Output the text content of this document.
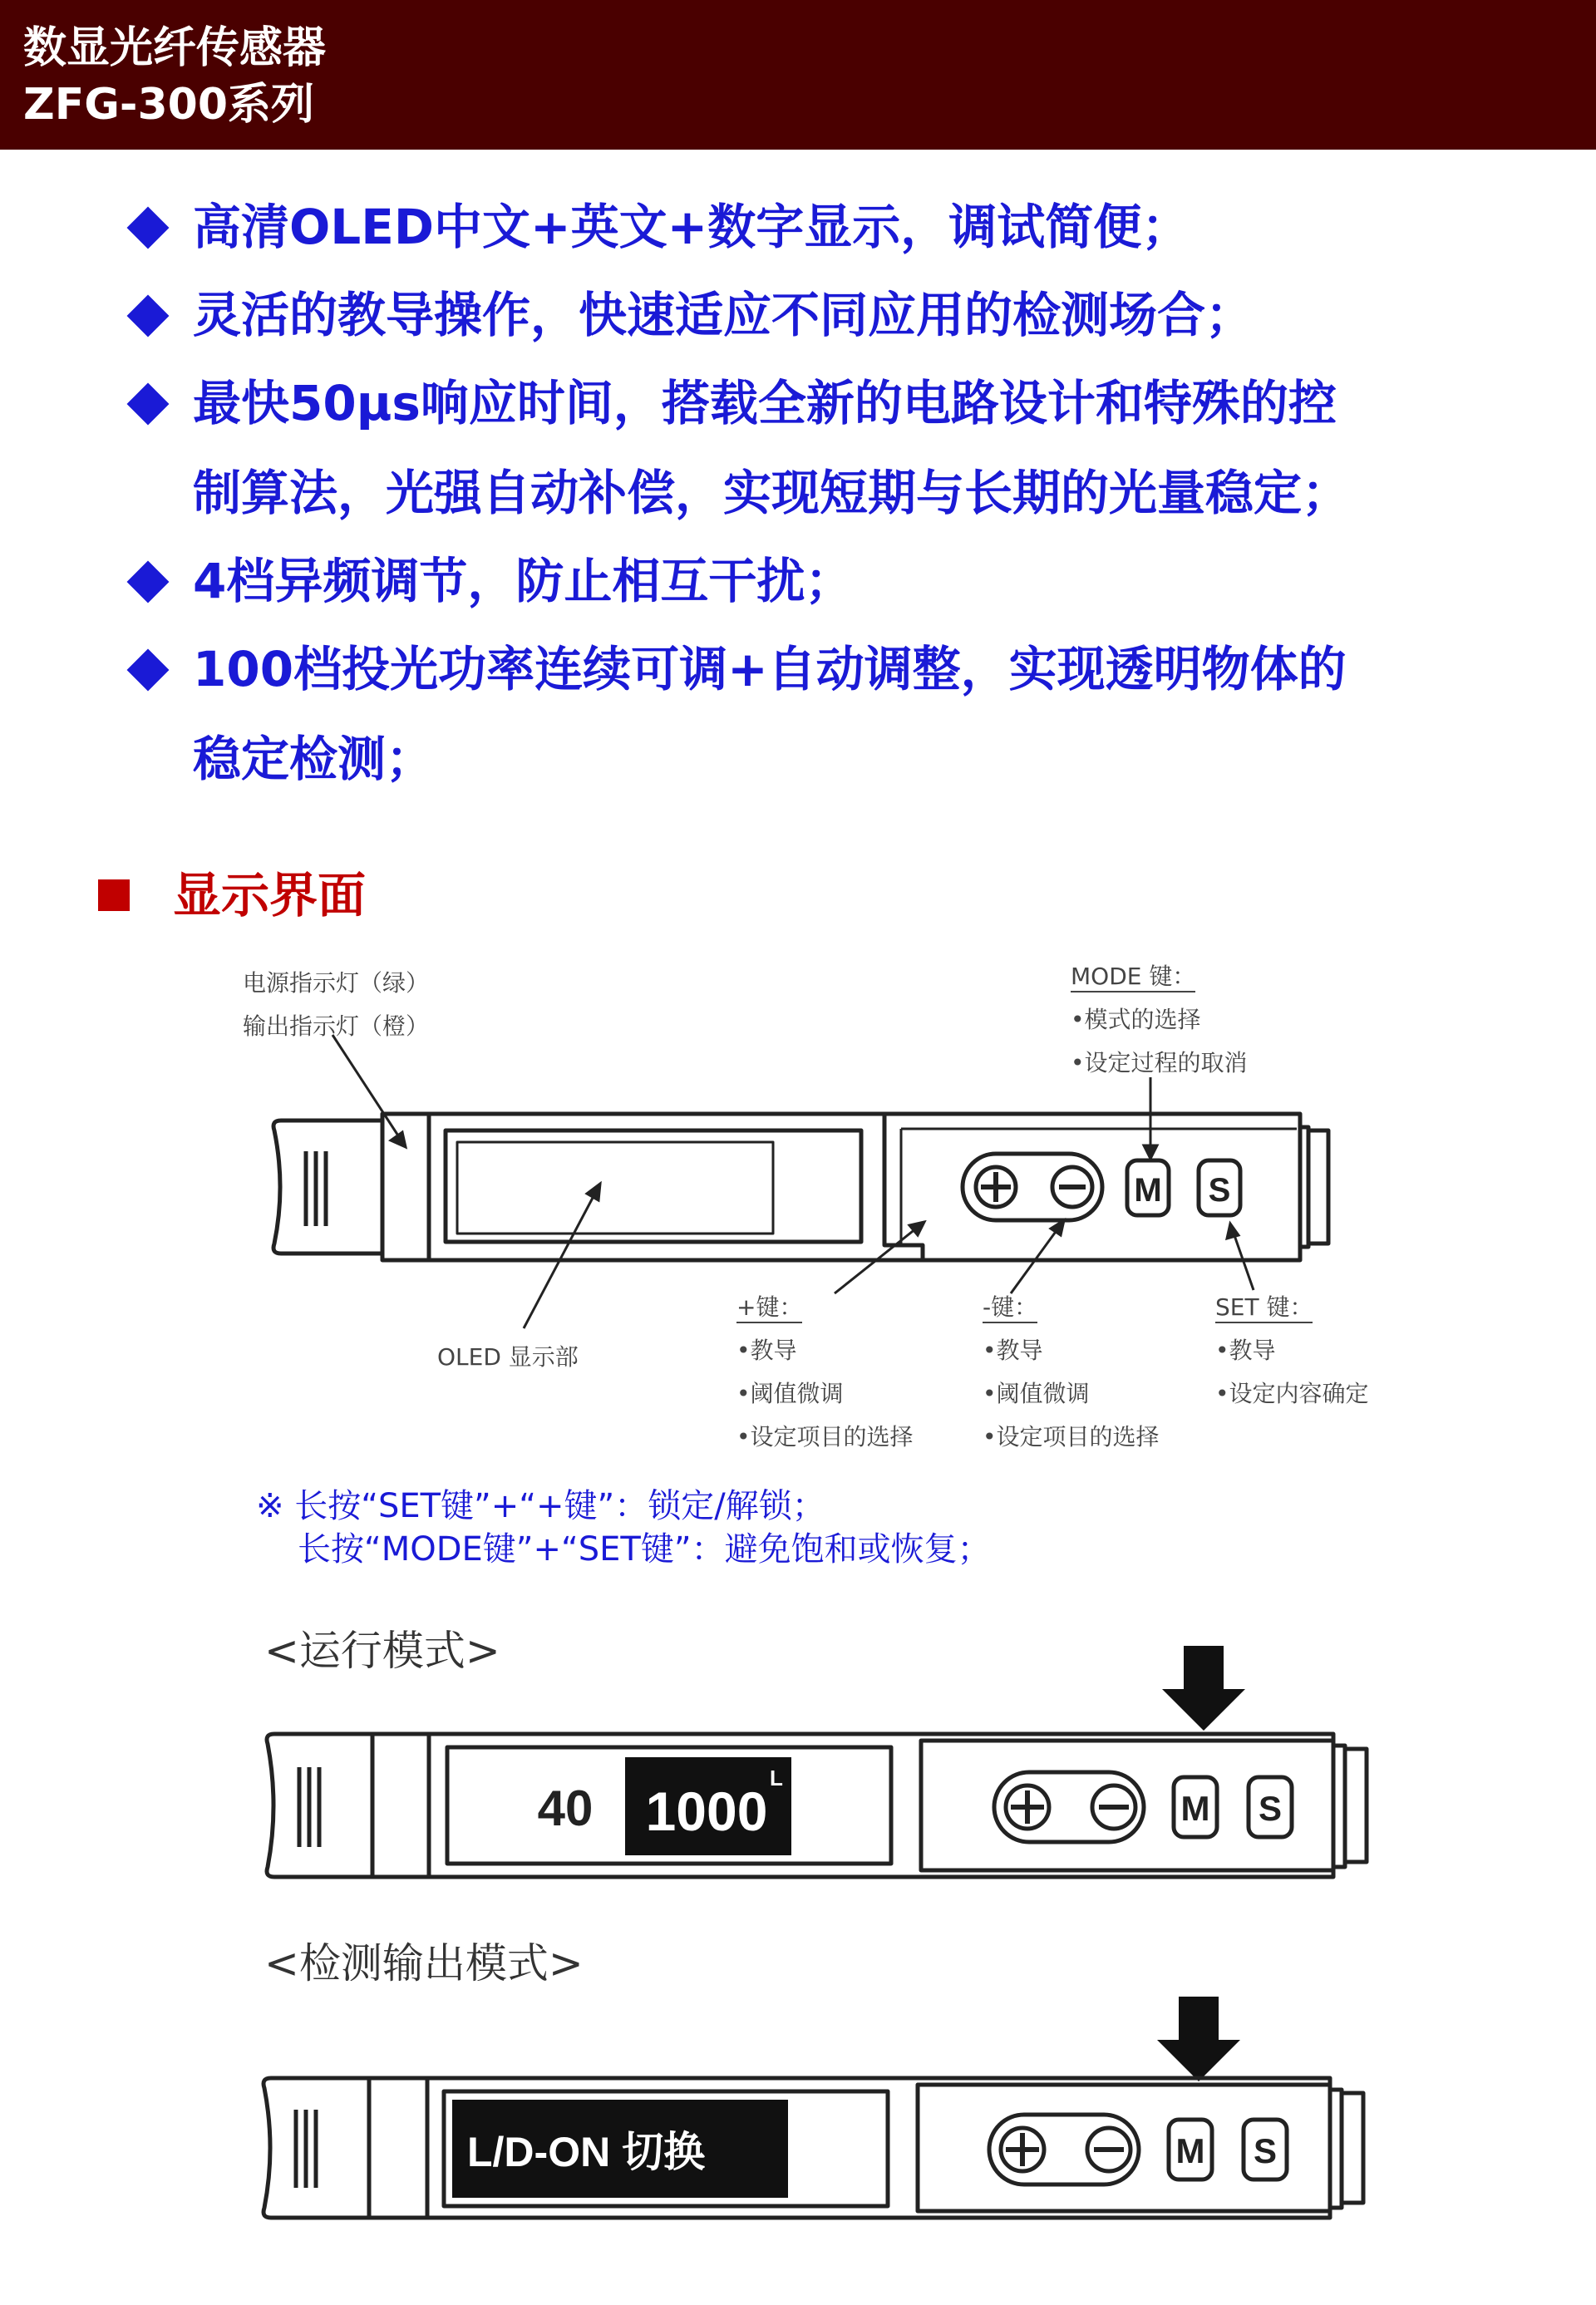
数显光纤传感器
ZFG-300系列
高清OLED中文+英文+数字显示，调试简便；
灵活的教导操作，快速适应不同应用的检测场合；
最快50μs响应时间，搭载全新的电路设计和特殊的控
制算法，光强自动补偿，实现短期与长期的光量稳定；
4档异频调节，防止相互干扰；
100档投光功率连续可调+自动调整，实现透明物体的
稳定检测；
显示界面
电源指示灯（绿）
输出指示灯（橙）
MODE 键：
•模式的选择
•设定过程的取消
OLED 显示部
+键：
•教导
•阈值微调
•设定项目的选择
-键：
•教导
•阈值微调
•设定项目的选择
SET 键：
•教导
•设定内容确定
M S
※ 长按“SET键”+“+键”：锁定/解锁；
长按“MODE键”+“SET键”：避免饱和或恢复；
<运行模式>
M S
40 1000
L
<检测输出模式>
M S
L/D-ON 切换
